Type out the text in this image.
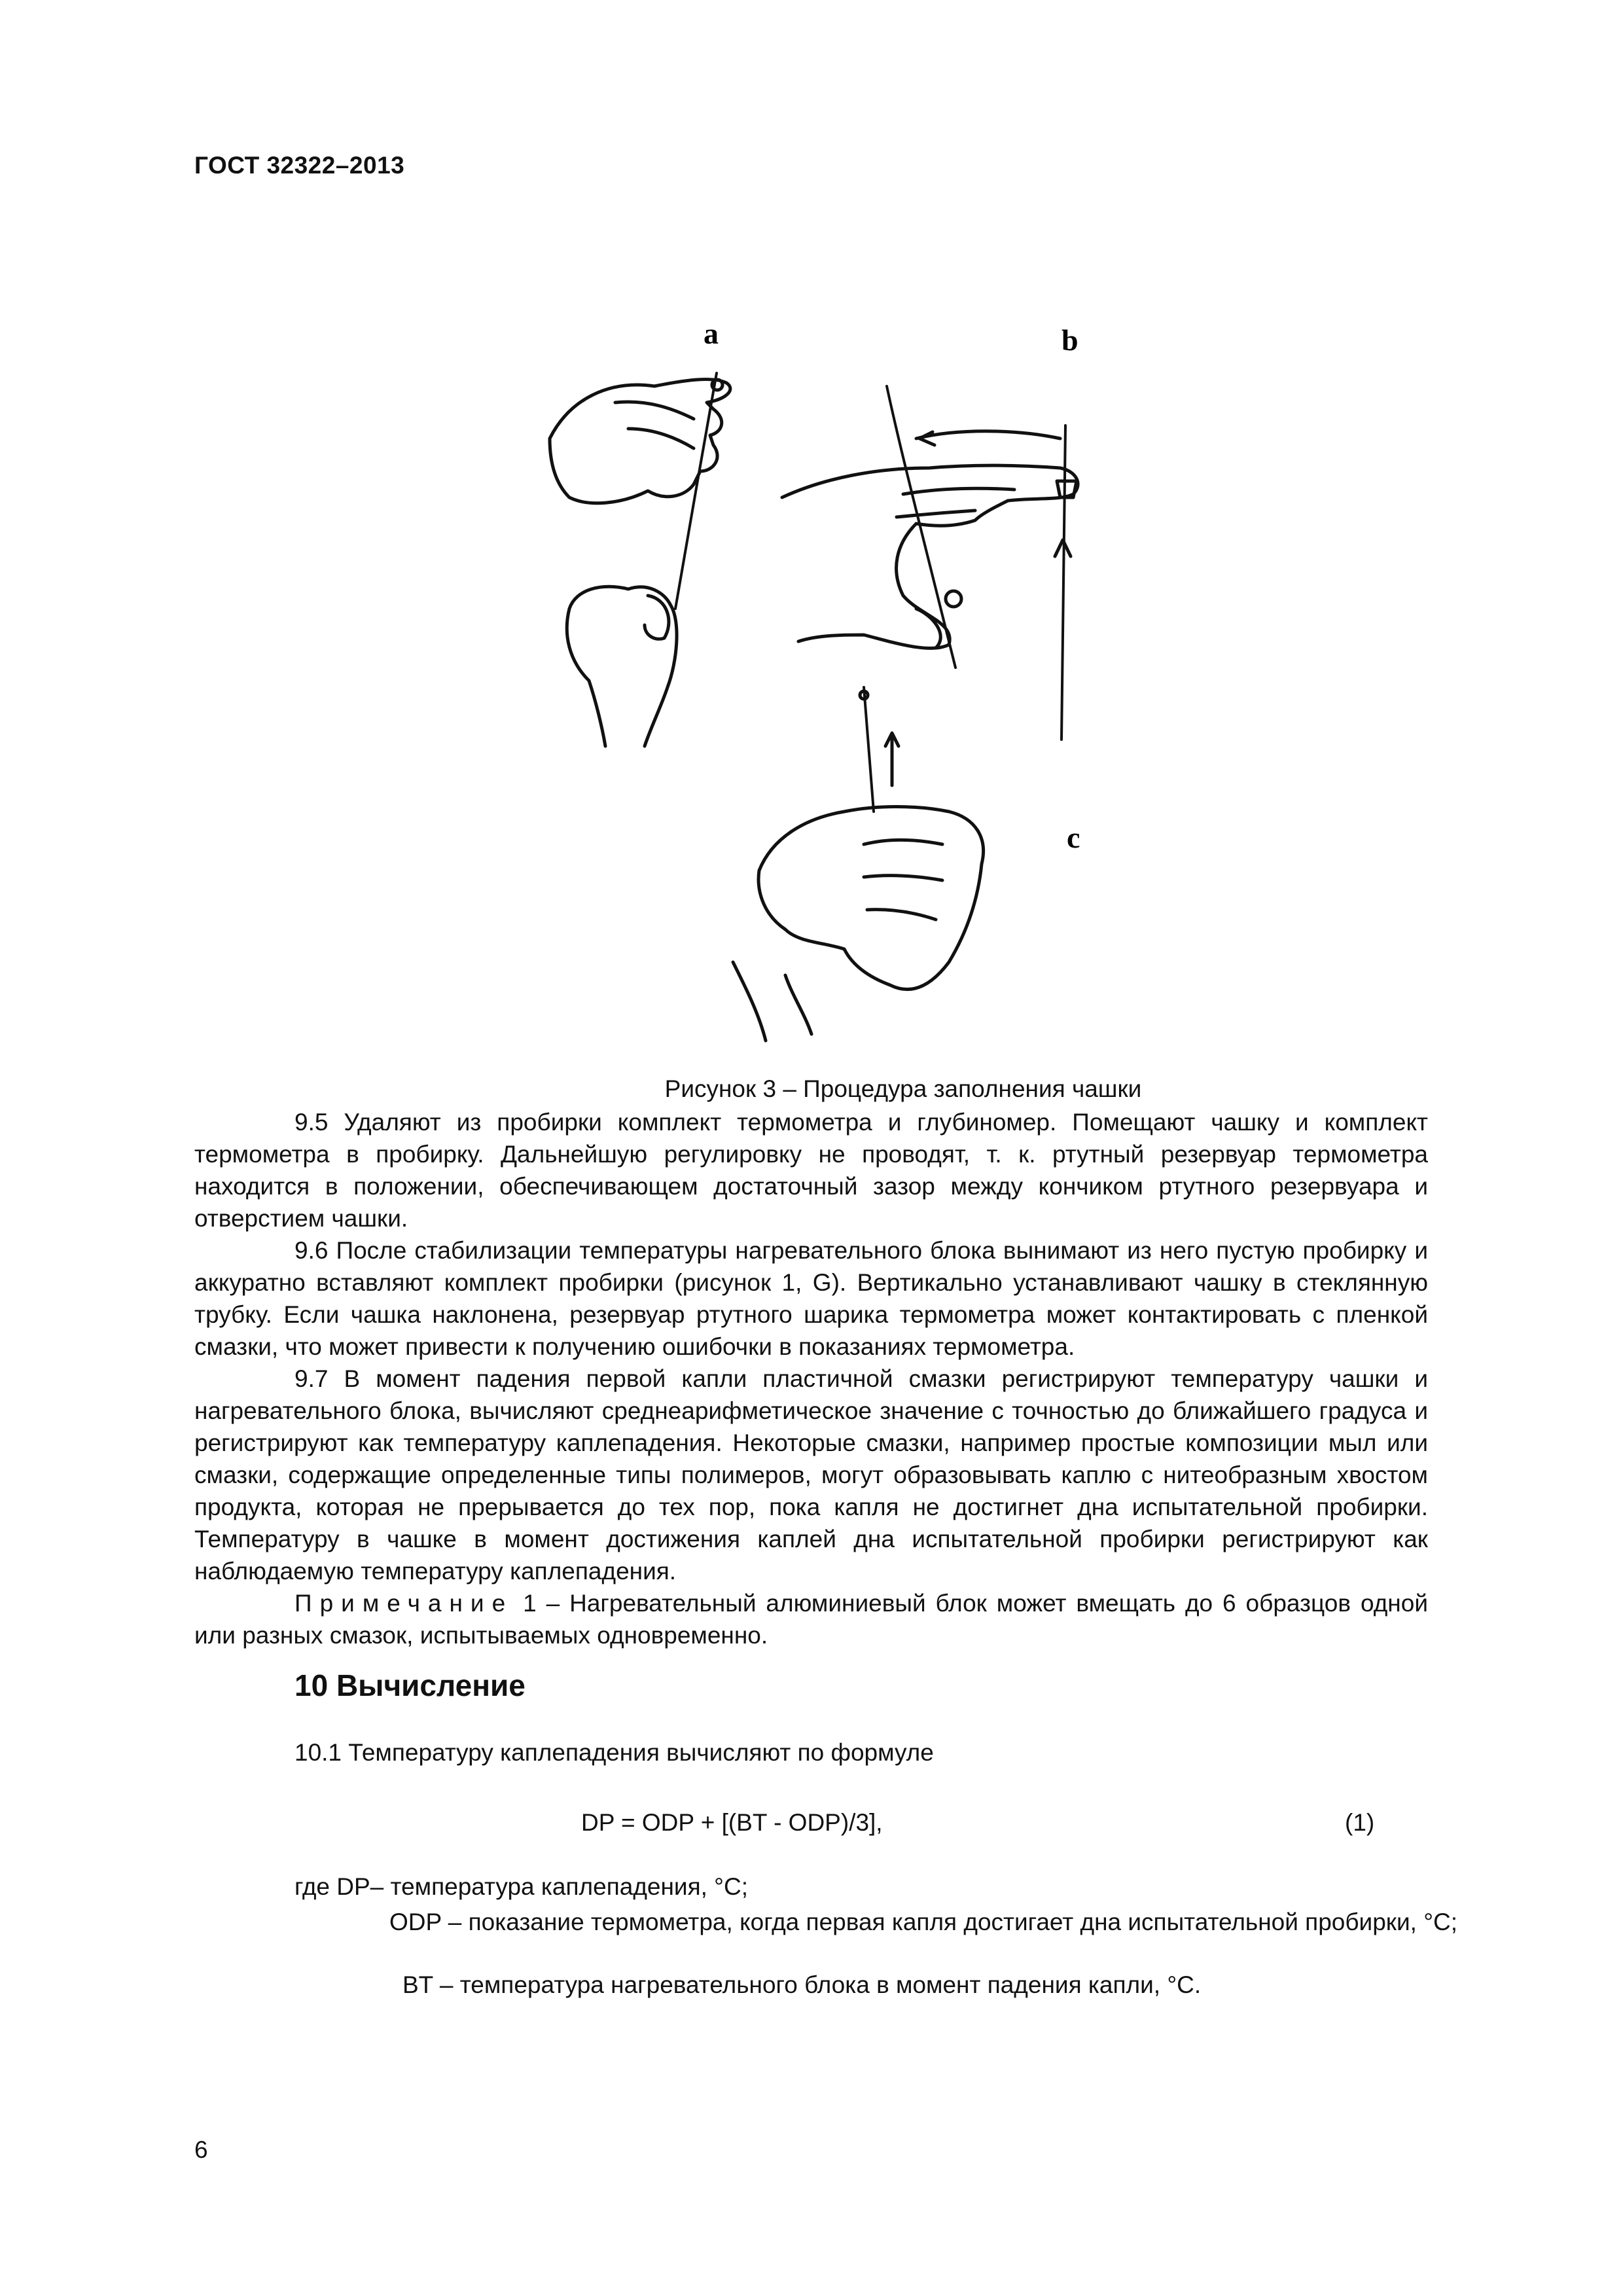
ГОСТ 32322–2013
a	b
c
Рисунок 3 – Процедура заполнения чашки

9.5 Удаляют из пробирки комплект термометра и глубиномер. Помещают чашку и комплект термометра в пробирку. Дальнейшую регулировку не проводят, т. к. ртутный резервуар термометра находится в положении, обеспечивающем достаточный зазор между кончиком ртутного резервуара и отверстием чашки.

9.6 После стабилизации температуры нагревательного блока вынимают из него пустую пробирку и аккуратно вставляют комплект пробирки (рисунок 1, G). Вертикально устанавливают чашку в стеклянную трубку. Если чашка наклонена, резервуар ртутного шарика термометра может контактировать с пленкой смазки, что может привести к получению ошибочки в показаниях термометра.

9.7 В момент падения первой капли пластичной смазки регистрируют температуру чашки и нагревательного блока, вычисляют среднеарифметическое значение с точностью до ближайшего градуса и регистрируют как температуру каплепадения. Некоторые смазки, например простые композиции мыл или смазки, содержащие определенные типы полимеров, могут образовывать каплю с нитеобразным хвостом продукта, которая не прерывается до тех пор, пока капля не достигнет дна испытательной пробирки. Температуру в чашке в момент достижения каплей дна испытательной пробирки регистрируют как наблюдаемую температуру каплепадения.

Примечание 1 – Нагревательный алюминиевый блок может вмещать до 6 образцов одной или разных смазок, испытываемых одновременно.

10 Вычисление
10.1 Температуру каплепадения вычисляют по формуле
DP = ODP + [(BT - ODP)/3],	(1)
где DP– температура каплепадения, °С;
ODP – показание термометра, когда первая капля достигает дна испытательной пробирки, °С;
BT – температура нагревательного блока в момент падения капли, °С.
6
